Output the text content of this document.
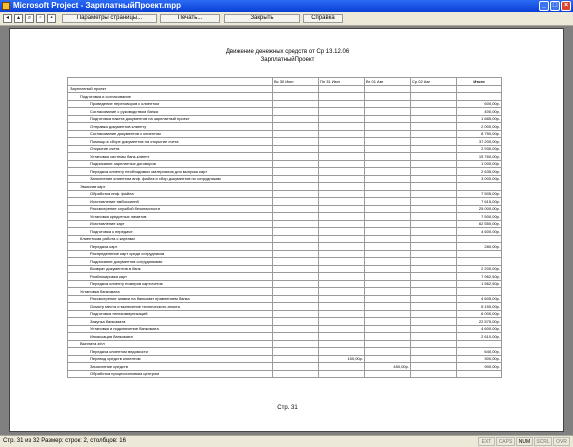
Microsoft Project - ЗарплатныйПроект.mpp	_ □ ×
◂	▴	⌕	▫	▪	Параметры страницы...	Печать...	Закрыть	Справка
Движение денежных средств от Ср 13.12.06
ЗарплатныйПроект
	Вс 30 Июл	Пн 31 Июл	Вт 01 Авг	Ср 02 Авг	Итого
Зарплатный проект					
Подготовка и согласование					
Проведение переговоров с клиентом					600,00р.
Согласование с руководством банка					400,00р.
Подготовка пакета документов на зарплатный проект					1 685,00р.
Отправка документов клиенту					2 000,00р.
Согласование документов с клиентом					8 750,00р.
Помощь в сборе документов на открытие счета					37 200,00р.
Открытие счета					2 930,00р.
Установка системы банк-клиент					15 760,00р.
Подписание зарплатных договоров					1 000,00р.
Передача клиенту необходимых материалов для выпуска карт					2 635,00р.
Заполнение клиентом инф. файла и сбор документов по сотрудникам					3 000,00р.
Эмиссия карт					
Обработка инф. файла					7 505,00р.
Изготовление эмбоссиннй					7 615,00р.
Рассмотрение службой безопасности					25 000,00р.
Установка кредитных лимитов					7 500,00р.
Изготовление карт					62 550,00р.
Подготовка к передаче					4 600,00р.
Клиентская работа с картами					
Передача карт					280,00р.
Распределение карт среди сотрудников					
Подписание документов сотрудниками					
Возврат документов в банк					2 200,00р.
Разблокировка карт					7 962,50р.
Передача клиенту номеров карточетов					1 562,50р.
Установка банкомата					
Рассмотрение заявки на банкомат правлением банка					4 605,00р.
Осмотр места и вынесение технического апокта					5 150,00р.
Подготовка телекоммуникаций					6 000,00р.
Закупка банкомата					22 575,00р.
Установка и подключение банкомата					4 600,00р.
Инкассация банкомата					2 610,00р.
Выплата з/пл					
Передача клиентом ведомости					640,00р.
Перевод средств клиентом		150,00р.			300,00р.
Зачисление средств			450,00р.		900,00р.
Обработка процессинговым центром					
Стр. 31
Стр. 31 из 32 Размер: строк: 2, столбцов: 16	EXT	CAPS	NUM	SCRL	OVR
